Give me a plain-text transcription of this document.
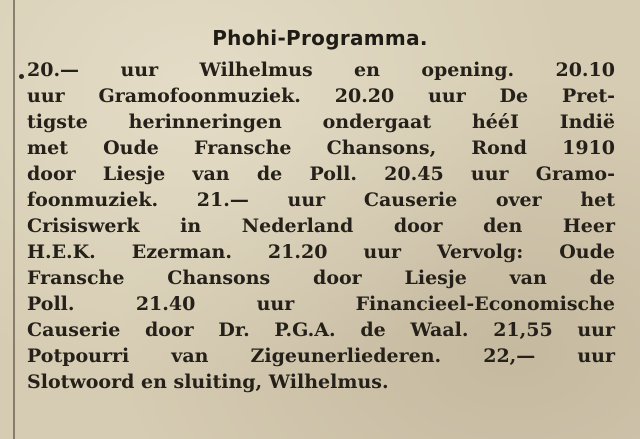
Phohi-Programma.
20.— uur Wilhelmus en opening. 20.10
uur Gramofoonmuziek. 20.20 uur De Pret-
tigste herinneringen ondergaat hééI Indië
met Oude Fransche Chansons, Rond 1910
door Liesje van de Poll. 20.45 uur Gramo-
foonmuziek. 21.— uur Causerie over het
Crisiswerk in Nederland door den Heer
H.E.K. Ezerman. 21.20 uur Vervolg: Oude
Fransche Chansons door Liesje van de
Poll. 21.40 uur Financieel-Economische
Causerie door Dr. P.G.A. de Waal. 21,55 uur
Potpourri van Zigeunerliederen. 22,— uur
Slotwoord en sluiting, Wilhelmus.
